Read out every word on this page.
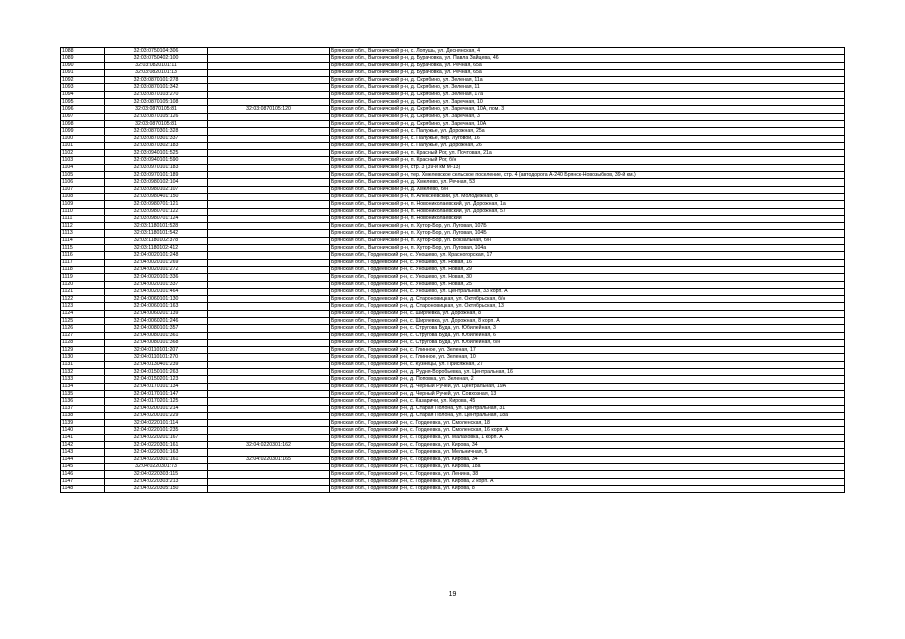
1088	32:03:0750104:306		Брянская обл., Выгоничский р-н, с. Лопушь, ул. Деснянская, 4
1089	32:03:0750402:100		Брянская обл., Выгоничский р-н, д. Бурачовка, ул. Павла Зайцева, 46
1090	32:03:0820101:11		Брянская обл., Выгоничский р-н, д. Бурачовка, ул. Речная, 65а
1091	32:03:0820101:13		Брянская обл., Выгоничский р-н, д. Бурачовка, ул. Речная, 65а
1092	32:03:0870101:278		Брянская обл., Выгоничский р-н, д. Скрябино, ул. Зеленая, 11а
1093	32:03:0870101:342		Брянская обл., Выгоничский р-н, д. Скрябино, ул. Зеленая, 11
1094	32:03:0870103:270		Брянская обл., Выгоничский р-н, д. Скрябино, ул. Зеленая, 17а
1095	32:03:0870105:108		Брянская обл., Выгоничский р-н, д. Скрябино, ул. Заречная, 10
1096	32:03:0870105:81	32:03:0870105:120	Брянская обл., Выгоничский р-н, д. Скрябино, ул. Заречная, 10А, пом. 3
1097	32:03:0870105:126		Брянская обл., Выгоничский р-н, д. Скрябино, ул. Заречная, 3
1098	32:03:0870105:81		Брянская обл., Выгоничский р-н, д. Скрябино, ул. Заречная, 10А
1099	32:03:0870301:328		Брянская обл., Выгоничский р-н, с. Палужье, ул. Дорожная, 25а
1100	32:03:0870301:337		Брянская обл., Выгоничский р-н, с. Палужье, пер. Луговой, 16
1101	32:03:0870302:183		Брянская обл., Выгоничский р-н, с. Палужье, ул. Дорожная, 26
1102	32:03:0940101:525		Брянская обл., Выгоничский р-н, п. Красный Рог, ул. Почтовая, 21а
1103	32:03:0940101:590		Брянская обл., Выгоничский р-н, п. Красный Рог, б/н
1104	32:03:0970101:183		Брянская обл., Выгоничский р-н, стр. 3 (39-й км М-13)
1105	32:03:0970101:189		Брянская обл., Выгоничский р-н, тер. Хмелевское сельское поселение, стр. 4 (автодорога А-240 Брянск-Новозыбков, 39-й км.)
1106	32:03:0980102:104		Брянская обл., Выгоничский р-н, д. Хмелево, ул. Речная, 53
1107	32:03:0980102:107		Брянская обл., Выгоничский р-н, д. Хмелево, б/н
1108	32:03:0980401:150		Брянская обл., Выгоничский р-н, п. Алексеевский, ул. Молодежная, 8
1109	32:03:0980701:121		Брянская обл., Выгоничский р-н, п. Новониколаевский, ул. Дорожная, 1а
1110	32:03:0980701:122		Брянская обл., Выгоничский р-н, п. Новониколаевский, ул. Дорожная, 57
1111	32:03:0980701:124		Брянская обл., Выгоничский р-н, п. Новониколаевский
1112	32:03:1180101:528		Брянская обл., Выгоничский р-н, п. Хутор-Бор, ул. Луговая, 107Б
1113	32:03:1180101:542		Брянская обл., Выгоничский р-н, п. Хутор-Бор, ул. Луговая, 104Б
1114	32:03:1180102:378		Брянская обл., Выгоничский р-н, п. Хутор-Бор, ул. Вокзальная, б/н
1115	32:03:1180102:412		Брянская обл., Выгоничский р-н, п. Хутор-Бор, ул. Луговая, 104а
1116	32:04:0020101:248		Брянская обл., Гордеевский р-н, с. Уношево, ул. Красногорская, 17
1117	32:04:0020101:269		Брянская обл., Гордеевский р-н, с. Уношево, ул. Новая, 16
1118	32:04:0020101:272		Брянская обл., Гордеевский р-н, с. Уношево, ул. Новая, 29
1119	32:04:0020101:336		Брянская обл., Гордеевский р-н, с. Уношево, ул. Новая, 30
1120	32:04:0020101:337		Брянская обл., Гордеевский р-н, с. Уношево, ул. Новая, 25
1121	32:04:0020101:464		Брянская обл., Гордеевский р-н, с. Уношево, ул. Центральная, 33 корп. А
1122	32:04:0060101:130		Брянская обл., Гордеевский р-н, д. Староновицкая, ул. Октябрьская, б/н
1123	32:04:0060101:163		Брянская обл., Гордеевский р-н, д. Староновицкая, ул. Октябрьская, 13
1124	32:04:0060201:139		Брянская обл., Гордеевский р-н, с. Ширяевка, ул. Дорожная, 8
1125	32:04:0060201:246		Брянская обл., Гордеевский р-н, с. Ширяевка, ул. Дорожная, 8 корп. А
1126	32:04:0080101:357		Брянская обл., Гордеевский р-н, с. Стругова Буда, ул. Юбилейная, 3
1127	32:04:0080101:361		Брянская обл., Гордеевский р-н, с. Стругова Буда, ул. Юбилейная, 6
1128	32:04:0080101:368		Брянская обл., Гордеевский р-н, с. Стругова Буда, ул. Юбилейная, б/н
1129	32:04:0110101:207		Брянская обл., Гордеевский р-н, с. Глинное, ул. Зеленая, 17
1130	32:04:0110101:270		Брянская обл., Гордеевский р-н, с. Глинное, ул. Зеленая, 10
1131	32:04:0130401:239		Брянская обл., Гордеевский р-н, с. Кузнецы, ул. Присяжная, 27
1132	32:04:0150101:263		Брянская обл., Гордеевский р-н, д. Рудня-Воробьевка, ул. Центральная, 16
1133	32:04:0150201:123		Брянская обл., Гордеевский р-н, д. Поповка, ул. Зеленая, 2
1134	32:04:0170101:134		Брянская обл., Гордеевский р-н, д. Черный Ручей, ул. Центральная, 19А
1135	32:04:0170101:147		Брянская обл., Гордеевский р-н, д. Черный Ручей, ул. Совхозная, 13
1136	32:04:0170201:125		Брянская обл., Гордеевский р-н, с. Казаричи, ул. Кирова, 45
1137	32:04:0200101:214		Брянская обл., Гордеевский р-н, д. Старая Полона, ул. Центральная, 31
1138	32:04:0200101:229		Брянская обл., Гордеевский р-н, д. Старая Полона, ул. Центральная, 18а
1139	32:04:0220101:114		Брянская обл., Гордеевский р-н, с. Гордеевка, ул. Смоленская, 18
1140	32:04:0220101:235		Брянская обл., Гордеевский р-н, с. Гордеевка, ул. Смоленская, 16 корп. А
1141	32:04:0220201:167		Брянская обл., Гордеевский р-н, с. Гордеевка, ул. Малаховка, 1 корп. А
1142	32:04:0220301:161	32:04:0220301:162	Брянская обл., Гордеевский р-н, с. Гордеевка, ул. Кирова, 34
1143	32:04:0220301:163		Брянская обл., Гордеевский р-н, с. Гордеевка, ул. Мельничная, 5
1144	32:04:0220301:161	32:04:0220301:165	Брянская обл., Гордеевский р-н, с. Гордеевка, ул. Кирова, 34
1145	32:04:0220301:73		Брянская обл., Гордеевский р-н, с. Гордеевка, ул. Кирова, 18а
1146	32:04:0220303:115		Брянская обл., Гордеевский р-н, с. Гордеевка, ул. Ленина, 38
1147	32:04:0220303:213		Брянская обл., Гордеевский р-н, с. Гордеевка, ул. Кирова, 2 корп. А
1148	32:04:0220305:150		Брянская обл., Гордеевский р-н, с. Гордеевка, ул. Кирова, 8
19
